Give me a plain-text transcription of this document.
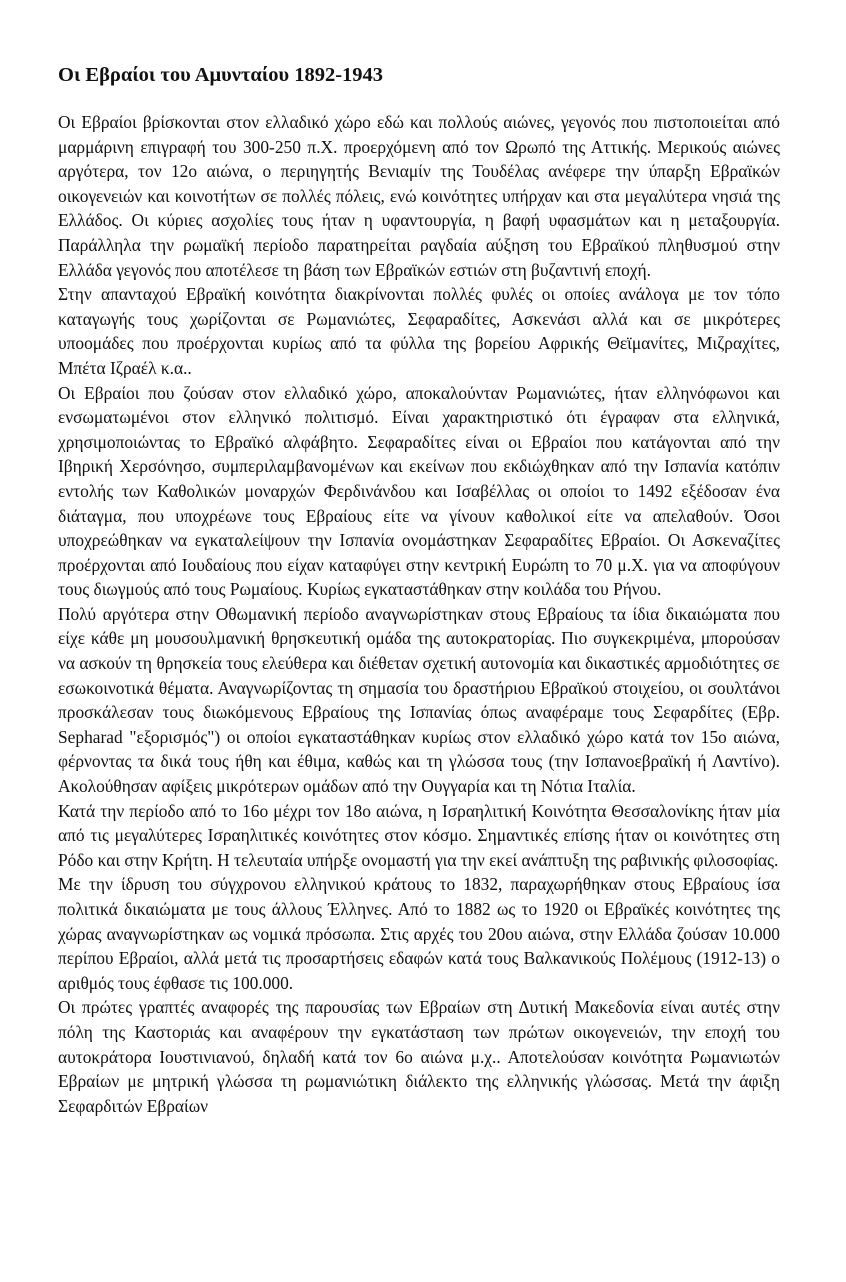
Οι Εβραίοι του Αμυνταίου 1892-1943

Οι Εβραίοι βρίσκονται στον ελλαδικό χώρο εδώ και πολλούς αιώνες, γεγονός που πιστοποιείται από μαρμάρινη επιγραφή του 300-250 π.Χ. προερχόμενη από τον Ωρωπό της Αττικής. Μερικούς αιώνες αργότερα, τον 12ο αιώνα, ο περιηγητής Βενιαμίν της Τουδέλας ανέφερε την ύπαρξη Εβραϊκών οικογενειών και κοινοτήτων σε πολλές πόλεις, ενώ κοινότητες υπήρχαν και στα μεγαλύτερα νησιά της Ελλάδος. Οι κύριες ασχολίες τους ήταν η υφαντουργία, η βαφή υφασμάτων και η μεταξουργία. Παράλληλα την ρωμαϊκή περίοδο παρατηρείται ραγδαία αύξηση του Εβραϊκού πληθυσμού στην Ελλάδα γεγονός που αποτέλεσε τη βάση των Εβραϊκών εστιών στη βυζαντινή εποχή.

Στην απανταχού Εβραϊκή κοινότητα διακρίνονται πολλές φυλές οι οποίες ανάλογα με τον τόπο καταγωγής τους χωρίζονται σε Ρωμανιώτες, Σεφαραδίτες, Ασκενάσι αλλά και σε μικρότερες υποομάδες που προέρχονται κυρίως από τα φύλλα της βορείου Αφρικής Θεϊμανίτες, Μιζραχίτες, Μπέτα Ιζραέλ κ.α..

Οι Εβραίοι που ζούσαν στον ελλαδικό χώρο, αποκαλούνταν Ρωμανιώτες, ήταν ελληνόφωνοι και ενσωματωμένοι στον ελληνικό πολιτισμό. Είναι χαρακτηριστικό ότι έγραφαν στα ελληνικά, χρησιμοποιώντας το Εβραϊκό αλφάβητο. Σεφαραδίτες είναι οι Εβραίοι που κατάγονται από την Ιβηρική Χερσόνησο, συμπεριλαμβανομένων και εκείνων που εκδιώχθηκαν από την Ισπανία κατόπιν εντολής των Καθολικών μοναρχών Φερδινάνδου και Ισαβέλλας οι οποίοι το 1492 εξέδοσαν ένα διάταγμα, που υποχρέωνε τους Εβραίους είτε να γίνουν καθολικοί είτε να απελαθούν. Όσοι υποχρεώθηκαν να εγκαταλείψουν την Ισπανία ονομάστηκαν Σεφαραδίτες Εβραίοι. Οι Ασκεναζίτες προέρχονται από Ιουδαίους που είχαν καταφύγει στην κεντρική Ευρώπη το 70 μ.Χ. για να αποφύγουν τους διωγμούς από τους Ρωμαίους. Κυρίως εγκαταστάθηκαν στην κοιλάδα του Ρήνου.

Πολύ αργότερα στην Οθωμανική περίοδο αναγνωρίστηκαν στους Εβραίους τα ίδια δικαιώματα που είχε κάθε μη μουσουλμανική θρησκευτική ομάδα της αυτοκρατορίας. Πιο συγκεκριμένα, μπορούσαν να ασκούν τη θρησκεία τους ελεύθερα και διέθεταν σχετική αυτονομία και δικαστικές αρμοδιότητες σε εσωκοινοτικά θέματα. Αναγνωρίζοντας τη σημασία του δραστήριου Εβραϊκού στοιχείου, οι σουλτάνοι προσκάλεσαν τους διωκόμενους Εβραίους της Ισπανίας όπως αναφέραμε τους Σεφαρδίτες (Εβρ. Sepharad "εξορισμός") οι οποίοι εγκαταστάθηκαν κυρίως στον ελλαδικό χώρο κατά τον 15ο αιώνα, φέρνοντας τα δικά τους ήθη και έθιμα, καθώς και τη γλώσσα τους (την Ισπανοεβραϊκή ή Λαντίνο). Ακολούθησαν αφίξεις μικρότερων ομάδων από την Ουγγαρία και τη Νότια Ιταλία.

Κατά την περίοδο από το 16ο μέχρι τον 18ο αιώνα, η Ισραηλιτική Κοινότητα Θεσσαλονίκης ήταν μία από τις μεγαλύτερες Ισραηλιτικές κοινότητες στον κόσμο. Σημαντικές επίσης ήταν οι κοινότητες στη Ρόδο και στην Κρήτη. Η τελευταία υπήρξε ονομαστή για την εκεί ανάπτυξη της ραβινικής φιλοσοφίας.

Με την ίδρυση του σύγχρονου ελληνικού κράτους το 1832, παραχωρήθηκαν στους Εβραίους ίσα πολιτικά δικαιώματα με τους άλλους Έλληνες. Από το 1882 ως το 1920 οι Εβραϊκές κοινότητες της χώρας αναγνωρίστηκαν ως νομικά πρόσωπα. Στις αρχές του 20ου αιώνα, στην Ελλάδα ζούσαν 10.000 περίπου Εβραίοι, αλλά μετά τις προσαρτήσεις εδαφών κατά τους Βαλκανικούς Πολέμους (1912-13) ο αριθμός τους έφθασε τις 100.000.

Οι πρώτες γραπτές αναφορές της παρουσίας των Εβραίων στη Δυτική Μακεδονία είναι αυτές στην πόλη της Καστοριάς και αναφέρουν την εγκατάσταση των πρώτων οικογενειών, την εποχή του αυτοκράτορα Ιουστινιανού, δηλαδή κατά τον 6ο αιώνα μ.χ.. Αποτελούσαν κοινότητα Ρωμανιωτών Εβραίων με μητρική γλώσσα τη ρωμανιώτικη διάλεκτο της ελληνικής γλώσσας. Μετά την άφιξη Σεφαρδιτών Εβραίων
